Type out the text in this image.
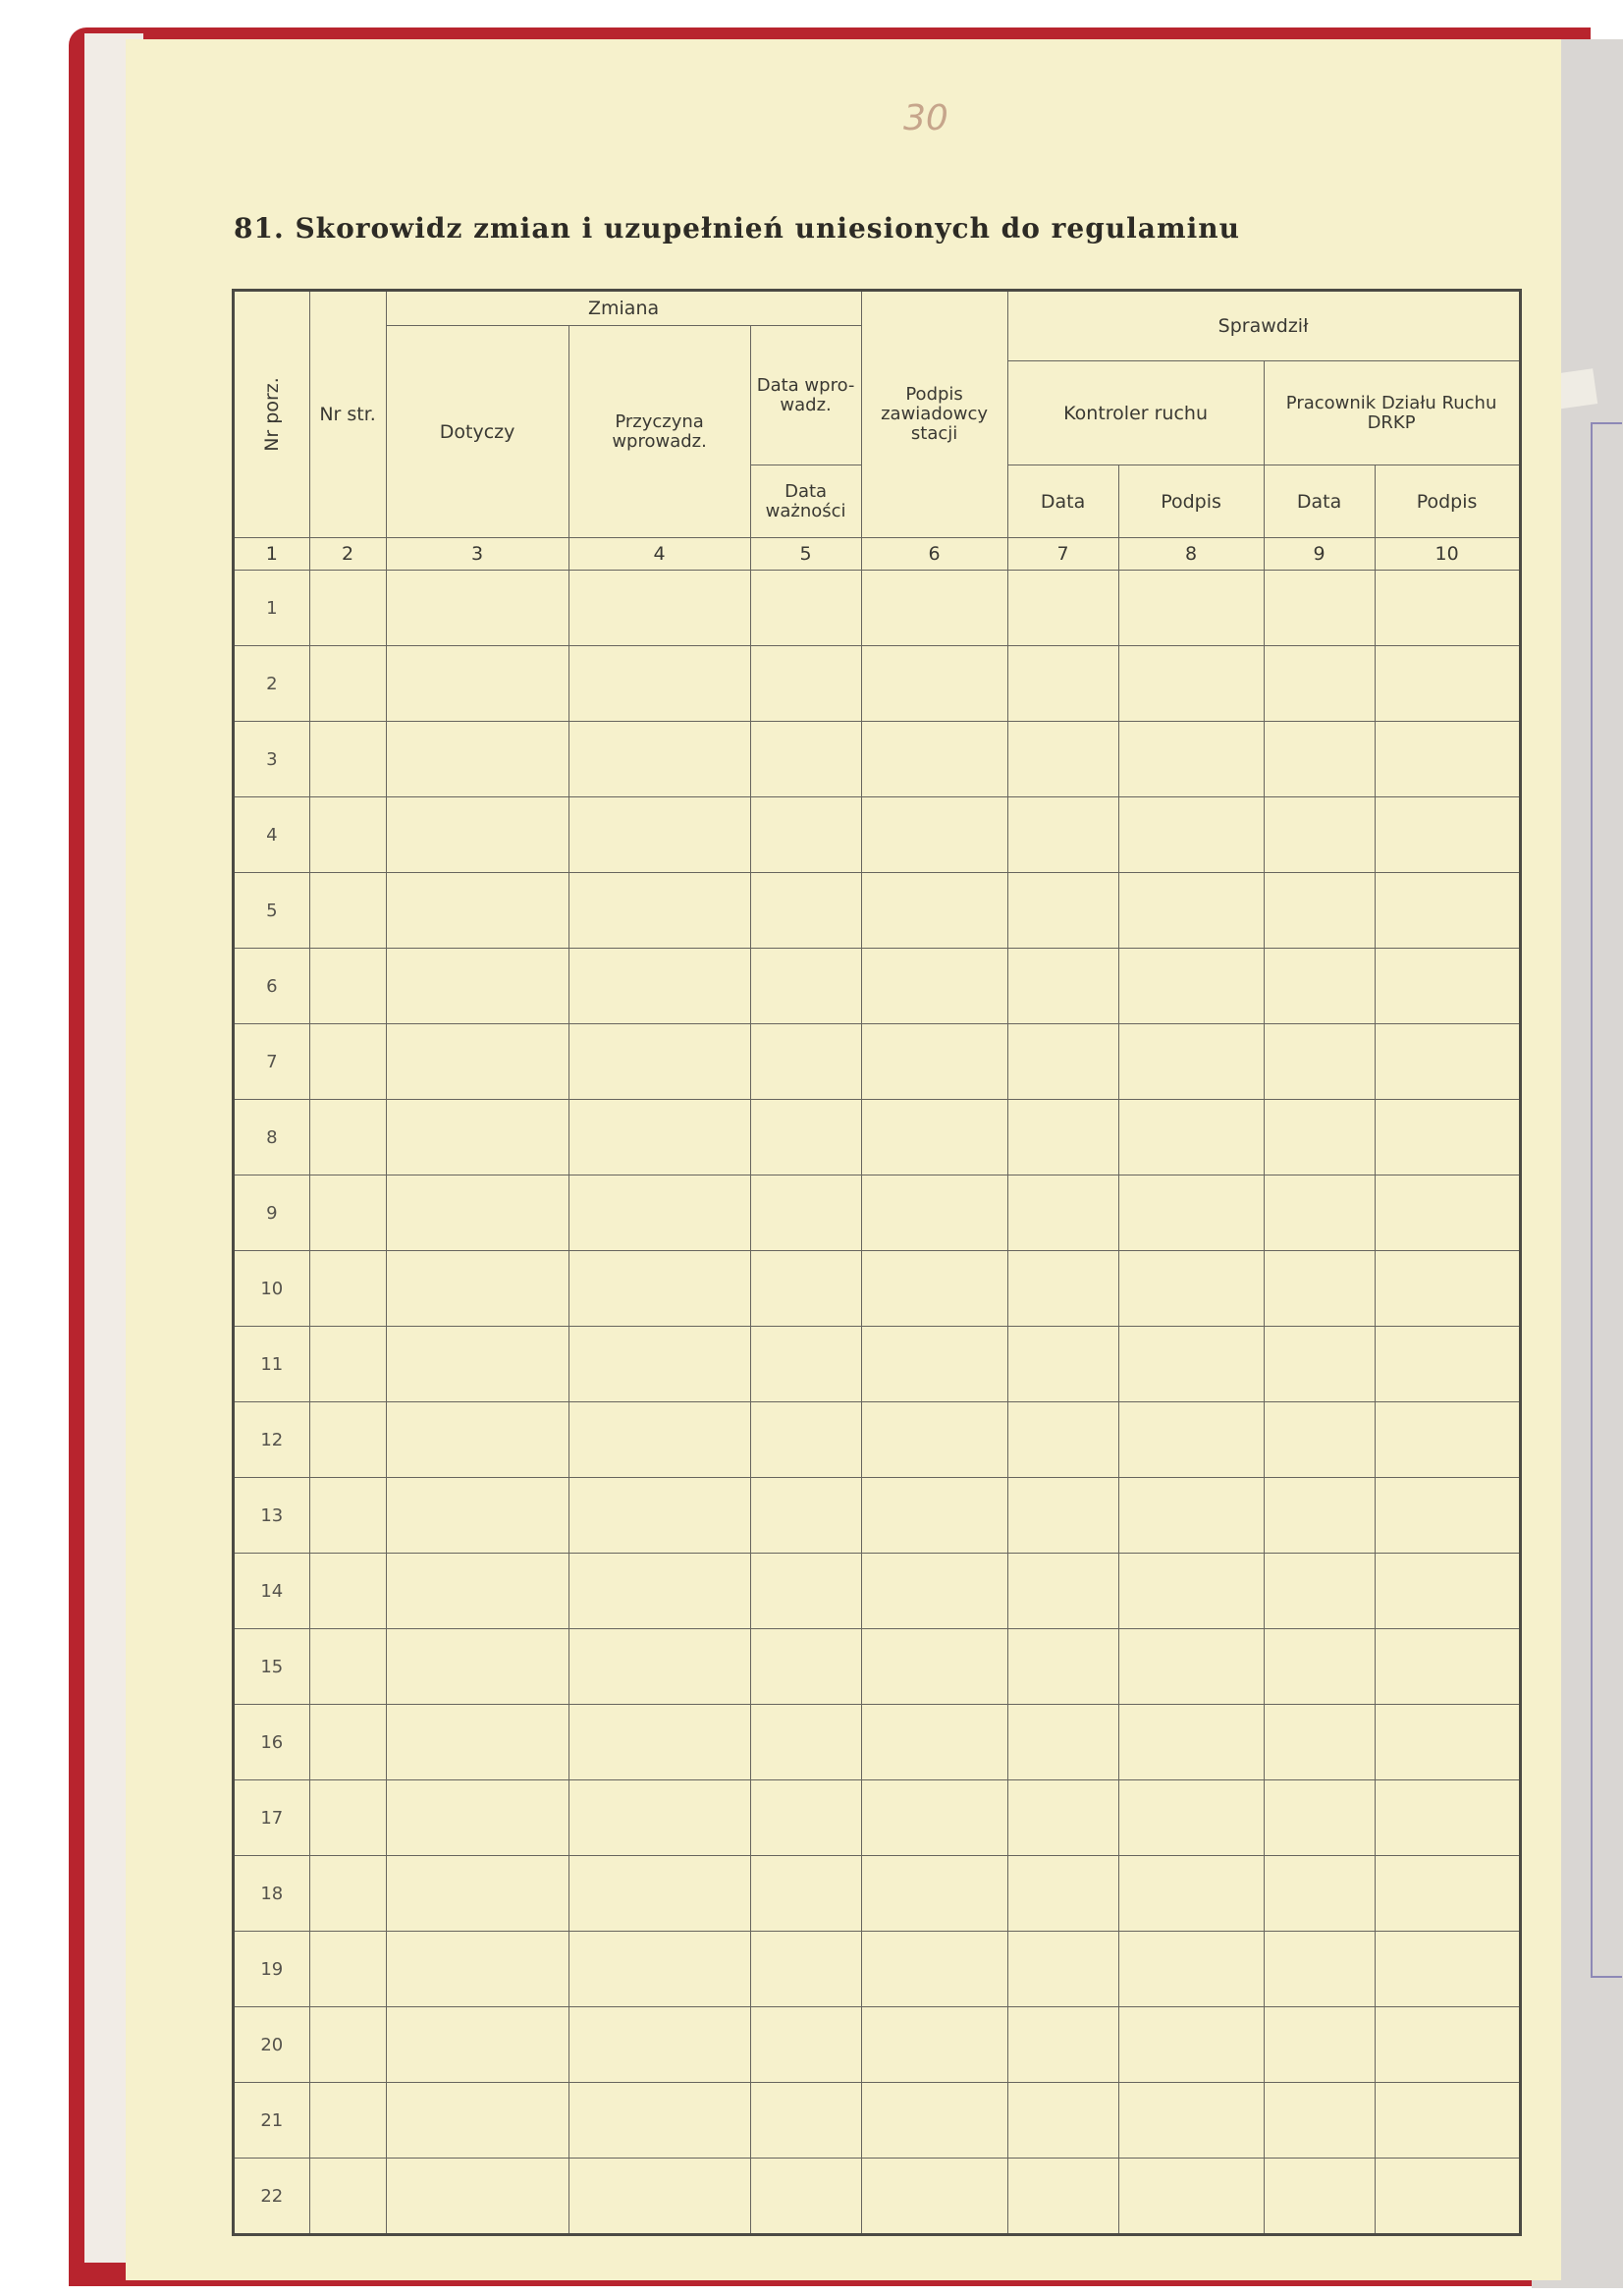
30
81. Skorowidz zmian i uzupełnień uniesionych do regulaminu
Nr porz.	Nr str.	Zmiana			Podpis zawiadowcy stacji	Sprawdził			
		Dotyczy	Przyczyna wprowadz.	Data wpro-wadz.					
						Kontroler ruchu		Pracownik Działu Ruchu DRKP	
				Data ważności		Data	Podpis	Data	Podpis
1	2	3	4	5	6	7	8	9	10
1									
2									
3									
4									
5									
6									
7									
8									
9									
10									
11									
12									
13									
14									
15									
16									
17									
18									
19									
20									
21									
22									
